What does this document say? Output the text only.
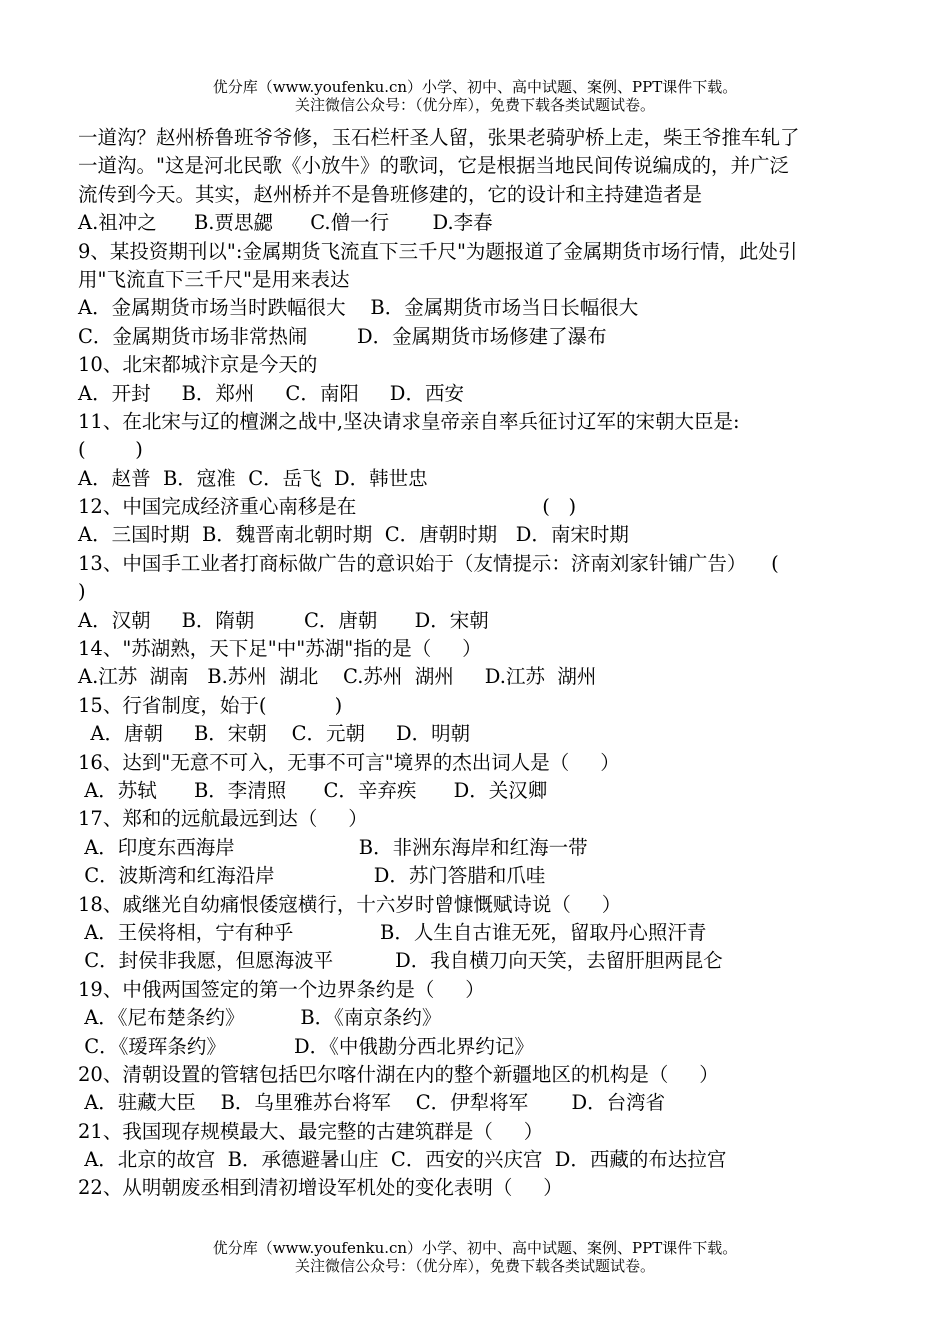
优分库（www.youfenku.cn）小学、初中、高中试题、案例、PPT课件下载。
关注微信公众号：（优分库），免费下载各类试题试卷。
一道沟？赵州桥鲁班爷爷修，玉石栏杆圣人留，张果老骑驴桥上走，柴王爷推车轧了
一道沟。"这是河北民歌《小放牛》的歌词，它是根据当地民间传说编成的，并广泛
流传到今天。其实，赵州桥并不是鲁班修建的，它的设计和主持建造者是
A.祖冲之      B.贾思勰      C.僧一行       D.李春
9、某投资期刊以":金属期货飞流直下三千尺"为题报道了金属期货市场行情，此处引
用"飞流直下三千尺"是用来表达
A．金属期货市场当时跌幅很大    B．金属期货市场当日长幅很大
C．金属期货市场非常热闹        D．金属期货市场修建了瀑布
10、北宋都城汴京是今天的
A．开封     B．郑州     C．南阳     D．西安
11、在北宋与辽的檀渊之战中,坚决请求皇帝亲自率兵征讨辽军的宋朝大臣是:
(        )
A．赵普  B．寇准  C．岳飞  D．韩世忠
12、中国完成经济重心南移是在                              (   )
A．三国时期  B．魏晋南北朝时期  C．唐朝时期   D．南宋时期
13、中国手工业者打商标做广告的意识始于（友情提示：济南刘家针铺广告）    (
)
A．汉朝     B．隋朝        C．唐朝      D．宋朝
14、"苏湖熟，天下足"中"苏湖"指的是（     ）
A.江苏  湖南   B.苏州  湖北    C.苏州  湖州     D.江苏  湖州
15、行省制度，始于(           )
A．唐朝     B．宋朝    C．元朝     D．明朝
16、达到"无意不可入，无事不可言"境界的杰出词人是（     ）
A．苏轼      B．李清照      C．辛弃疾      D．关汉卿
17、郑和的远航最远到达（     ）
A．印度东西海岸                    B．非洲东海岸和红海一带
C．波斯湾和红海沿岸                D．苏门答腊和爪哇
18、戚继光自幼痛恨倭寇横行，十六岁时曾慷慨赋诗说（     ）
A．王侯将相，宁有种乎              B．人生自古谁无死，留取丹心照汗青
C．封侯非我愿，但愿海波平          D．我自横刀向天笑，去留肝胆两昆仑
19、中俄两国签定的第一个边界条约是（     ）
A．《尼布楚条约》         B．《南京条约》
C．《瑷珲条约》           D．《中俄勘分西北界约记》
20、清朝设置的管辖包括巴尔喀什湖在内的整个新疆地区的机构是（     ）
A．驻藏大臣    B．乌里雅苏台将军    C．伊犁将军       D．台湾省
21、我国现存规模最大、最完整的古建筑群是（     ）
A．北京的故宫  B．承德避暑山庄  C．西安的兴庆宫  D．西藏的布达拉宫
22、从明朝废丞相到清初增设军机处的变化表明（     ）
优分库（www.youfenku.cn）小学、初中、高中试题、案例、PPT课件下载。
关注微信公众号：（优分库），免费下载各类试题试卷。
